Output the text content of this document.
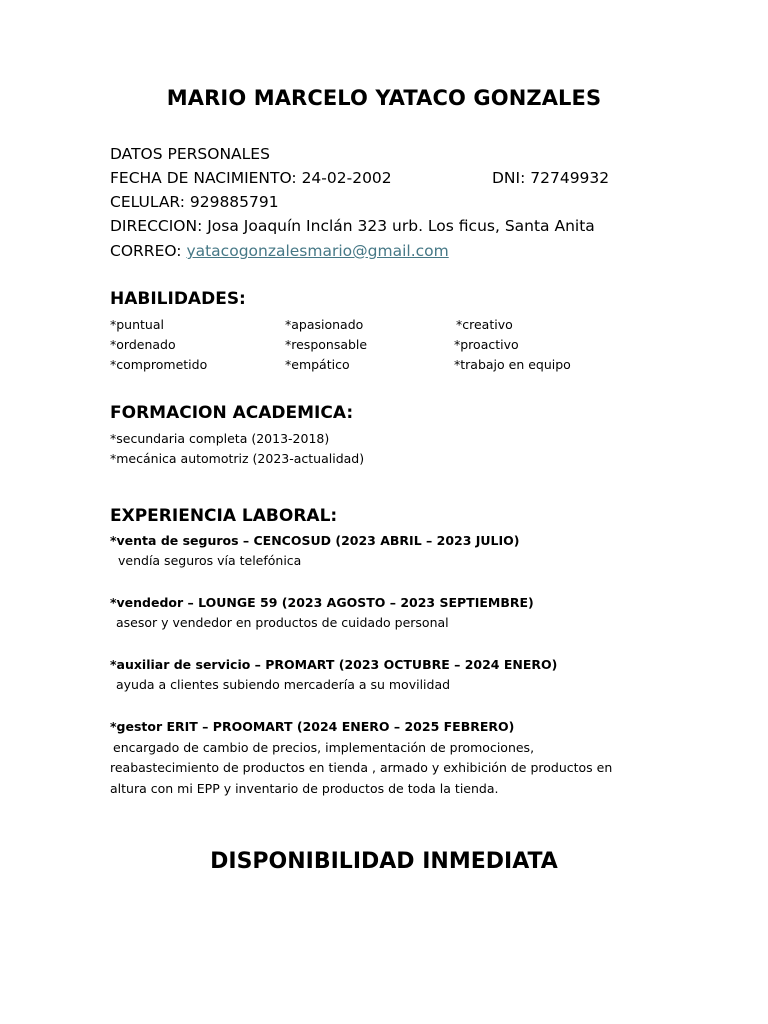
MARIO MARCELO YATACO GONZALES
DATOS PERSONALES
FECHA DE NACIMIENTO: 24-02-2002	DNI: 72749932
CELULAR: 929885791
DIRECCION: Josa Joaquín Inclán 323 urb. Los ficus, Santa Anita
CORREO: yatacogonzalesmario@gmail.com
HABILIDADES:
*puntual
*ordenado
*comprometido
*apasionado
*responsable
*empático
*creativo
*proactivo
*trabajo en equipo
FORMACION ACADEMICA:
*secundaria completa (2013-2018)
*mecánica automotriz (2023-actualidad)
EXPERIENCIA LABORAL:
*venta de seguros – CENCOSUD (2023 ABRIL – 2023 JULIO)
vendía seguros vía telefónica
*vendedor – LOUNGE 59 (2023 AGOSTO – 2023 SEPTIEMBRE)
asesor y vendedor en productos de cuidado personal
*auxiliar de servicio – PROMART (2023 OCTUBRE – 2024 ENERO)
ayuda a clientes subiendo mercadería a su movilidad
*gestor ERIT – PROOMART (2024 ENERO – 2025 FEBRERO)
encargado de cambio de precios, implementación de promociones,
reabastecimiento de productos en tienda , armado y exhibición de productos en
altura con mi EPP y inventario de productos de toda la tienda.
DISPONIBILIDAD INMEDIATA
